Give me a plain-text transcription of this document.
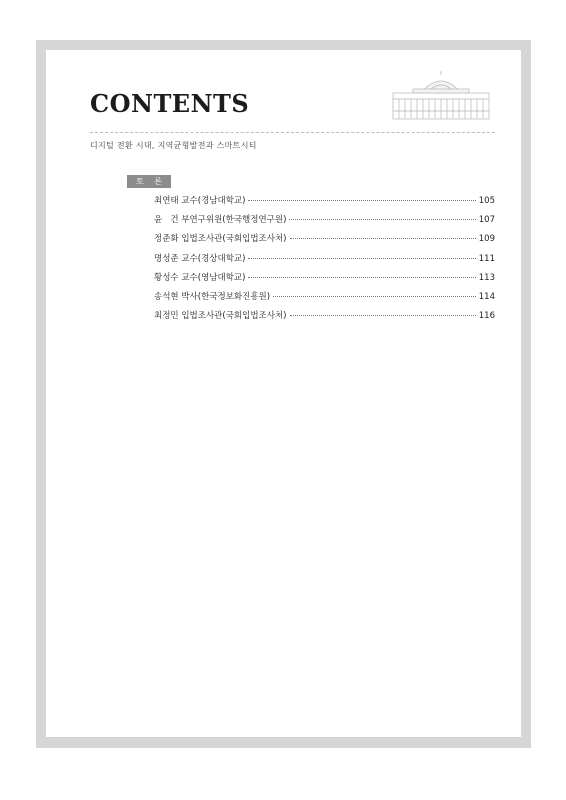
CONTENTS
디지털 전환 시대, 지역균형발전과 스마트시티
토 론
최연태 교수(경남대학교)	105
윤   건 부연구위원(한국행정연구원)	107
정준화 입법조사관(국회입법조사처)	109
명성준 교수(경상대학교)	111
황성수 교수(영남대학교)	113
송석현 박사(한국정보화진흥원)	114
최정민 입법조사관(국회입법조사처)	116
